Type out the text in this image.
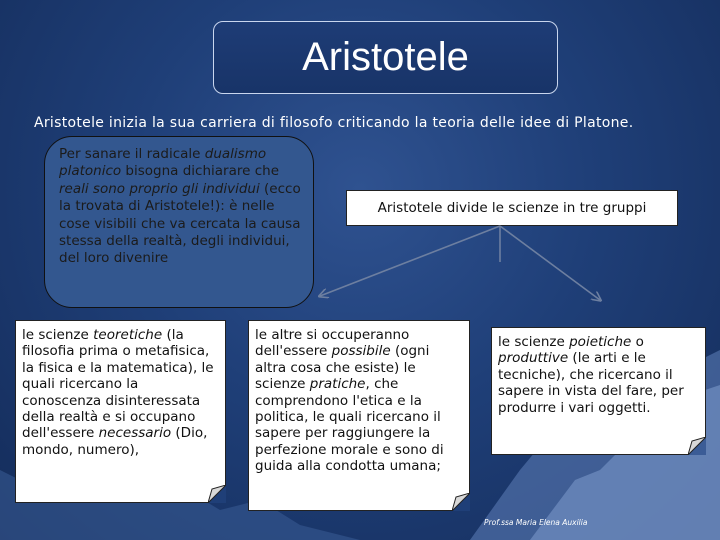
Aristotele
Aristotele inizia la sua carriera di filosofo criticando la teoria delle idee di Platone.
Per sanare il radicale dualismo platonico bisogna dichiarare che reali sono proprio gli individui (ecco la trovata di Aristotele!): è nelle cose visibili che va cercata la causa stessa della realtà, degli individui, del loro divenire
Aristotele divide le scienze in tre gruppi
le scienze teoretiche (la filosofia prima o metafisica, la fisica e la matematica), le quali ricercano la conoscenza disinteressata della realtà e si occupano dell'essere necessario (Dio, mondo, numero),
le altre si occuperanno dell'essere possibile (ogni altra cosa che esiste) le scienze pratiche, che comprendono l'etica e la politica, le quali ricercano il sapere per raggiungere la perfezione morale e sono di guida alla condotta umana;
le scienze poietiche o produttive (le arti e le tecniche), che ricercano il sapere in vista del fare, per produrre i vari oggetti.
Prof.ssa Maria Elena Auxilia
